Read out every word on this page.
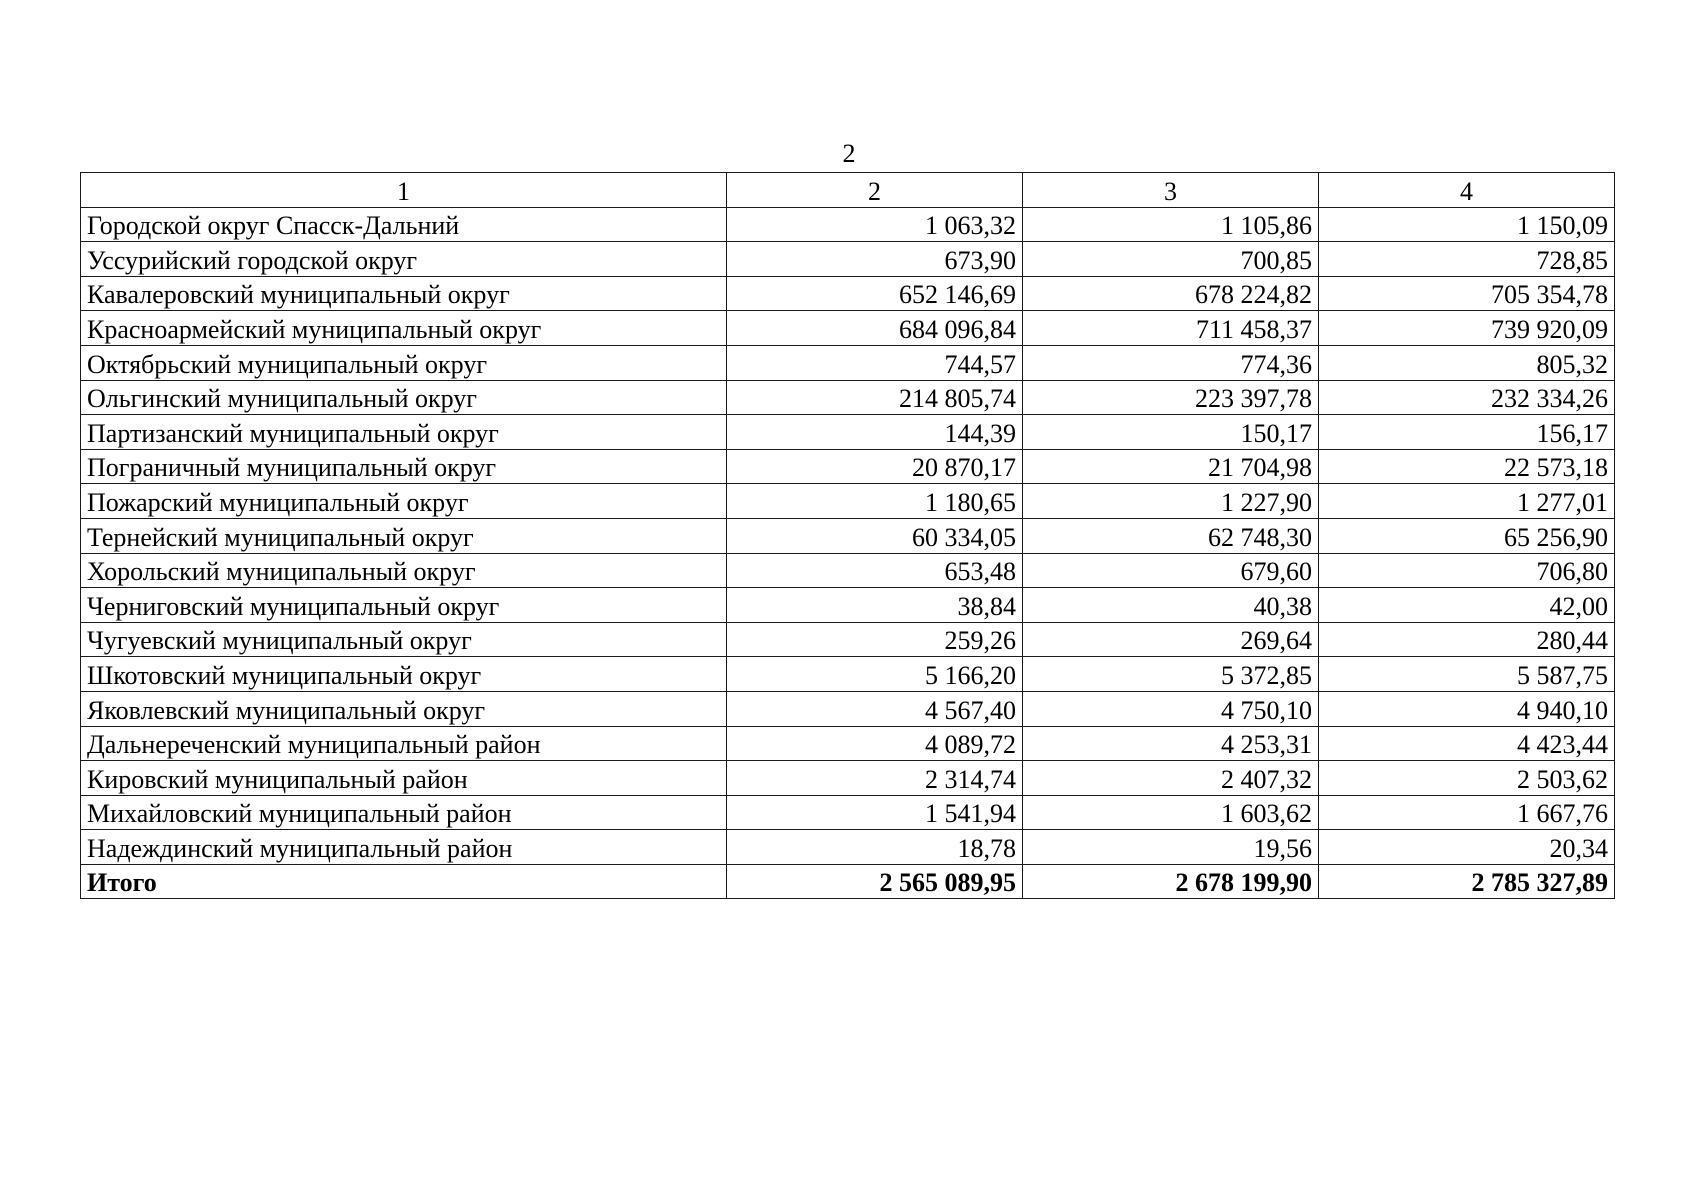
2
1	2	3	4
Городской округ Спасск-Дальний	1 063,32	1 105,86	1 150,09
Уссурийский городской округ	673,90	700,85	728,85
Кавалеровский муниципальный округ	652 146,69	678 224,82	705 354,78
Красноармейский муниципальный округ	684 096,84	711 458,37	739 920,09
Октябрьский муниципальный округ	744,57	774,36	805,32
Ольгинский муниципальный округ	214 805,74	223 397,78	232 334,26
Партизанский муниципальный округ	144,39	150,17	156,17
Пограничный муниципальный округ	20 870,17	21 704,98	22 573,18
Пожарский муниципальный округ	1 180,65	1 227,90	1 277,01
Тернейский муниципальный округ	60 334,05	62 748,30	65 256,90
Хорольский муниципальный округ	653,48	679,60	706,80
Черниговский муниципальный округ	38,84	40,38	42,00
Чугуевский муниципальный округ	259,26	269,64	280,44
Шкотовский муниципальный округ	5 166,20	5 372,85	5 587,75
Яковлевский муниципальный округ	4 567,40	4 750,10	4 940,10
Дальнереченский муниципальный район	4 089,72	4 253,31	4 423,44
Кировский муниципальный район	2 314,74	2 407,32	2 503,62
Михайловский муниципальный район	1 541,94	1 603,62	1 667,76
Надеждинский муниципальный район	18,78	19,56	20,34
Итого	2 565 089,95	2 678 199,90	2 785 327,89
